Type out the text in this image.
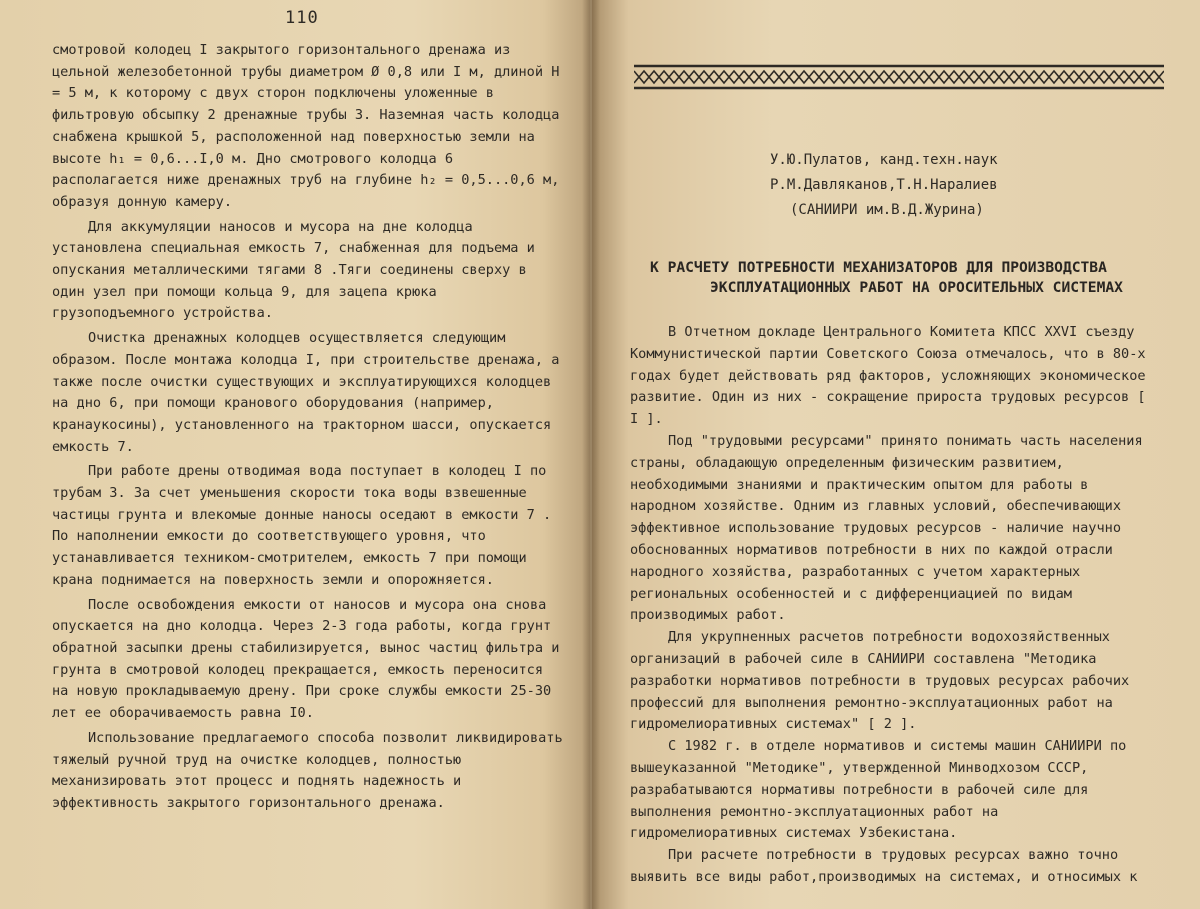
110

смотровой колодец I закрытого горизонтального дренажа из цельной железобетонной трубы диаметром Ø 0,8 или I м, длиной H = 5 м, к которому с двух сторон подключены уложенные в фильтровую обсыпку 2 дренажные трубы 3. Наземная часть колодца снабжена крышкой 5, расположенной над поверхностью земли на высоте h₁ = 0,6...I,0 м. Дно смотрового колодца 6 располагается ниже дренажных труб на глубине h₂ = 0,5...0,6 м, образуя донную камеру.

Для аккумуляции наносов и мусора на дне колодца установлена специальная емкость 7, снабженная для подъема и опускания металлическими тягами 8 .Тяги соединены сверху в один узел при помощи кольца 9, для зацепа крюка грузоподъемного устройства.

Очистка дренажных колодцев осуществляется следующим образом. После монтажа колодца I, при строительстве дренажа, а также после очистки существующих и эксплуатирующихся колодцев на дно 6, при помощи кранового оборудования (например, кранаукосины), установленного на тракторном шасси, опускается емкость 7.

При работе дрены отводимая вода поступает в колодец I по трубам 3. За счет уменьшения скорости тока воды взвешенные частицы грунта и влекомые донные наносы оседают в емкости 7 . По наполнении емкости до соответствующего уровня, что устанавливается техником-смотрителем, емкость 7 при помощи крана поднимается на поверхность земли и опорожняется.

После освобождения емкости от наносов и мусора она снова опускается на дно колодца. Через 2-3 года работы, когда грунт обратной засыпки дрены стабилизируется, вынос частиц фильтра и грунта в смотровой колодец прекращается, емкость переносится на новую прокладываемую дрену. При сроке службы емкости 25-30 лет ее оборачиваемость равна I0.

Использование предлагаемого способа позволит ликвидировать тяжелый ручной труд на очистке колодцев, полностью механизировать этот процесс и поднять надежность и эффективность закрытого горизонтального дренажа.

У.Ю.Пулатов, канд.техн.наук
Р.М.Давляканов,Т.Н.Наралиев
(САНИИРИ им.В.Д.Журина)
К РАСЧЕТУ ПОТРЕБНОСТИ МЕХАНИЗАТОРОВ ДЛЯ ПРОИЗВОДСТВА
ЭКСПЛУАТАЦИОННЫХ РАБОТ НА ОРОСИТЕЛЬНЫХ СИСТЕМАХ

В Отчетном докладе Центрального Комитета КПСС XXVI съезду Коммунистической партии Советского Союза отмечалось, что в 80-х годах будет действовать ряд факторов, усложняющих экономическое развитие. Один из них - сокращение прироста трудовых ресурсов [ I ].

Под "трудовыми ресурсами" принято понимать часть населения страны, обладающую определенным физическим развитием, необходимыми знаниями и практическим опытом для работы в народном хозяйстве. Одним из главных условий, обеспечивающих эффективное использование трудовых ресурсов - наличие научно обоснованных нормативов потребности в них по каждой отрасли народного хозяйства, разработанных с учетом характерных региональных особенностей и с дифференциацией по видам производимых работ.

Для укрупненных расчетов потребности водохозяйственных организаций в рабочей силе в САНИИРИ составлена "Методика разработки нормативов потребности в трудовых ресурсах рабочих профессий для выполнения ремонтно-эксплуатационных работ на гидромелиоративных системах" [ 2 ].

С 1982 г. в отделе нормативов и системы машин САНИИРИ по вышеуказанной "Методике", утвержденной Минводхозом СССР, разрабатываются нормативы потребности в рабочей силе для выполнения ремонтно-эксплуатационных работ на гидромелиоративных системах Узбекистана.

При расчете потребности в трудовых ресурсах важно точно выявить все виды работ,производимых на системах, и относимых к
